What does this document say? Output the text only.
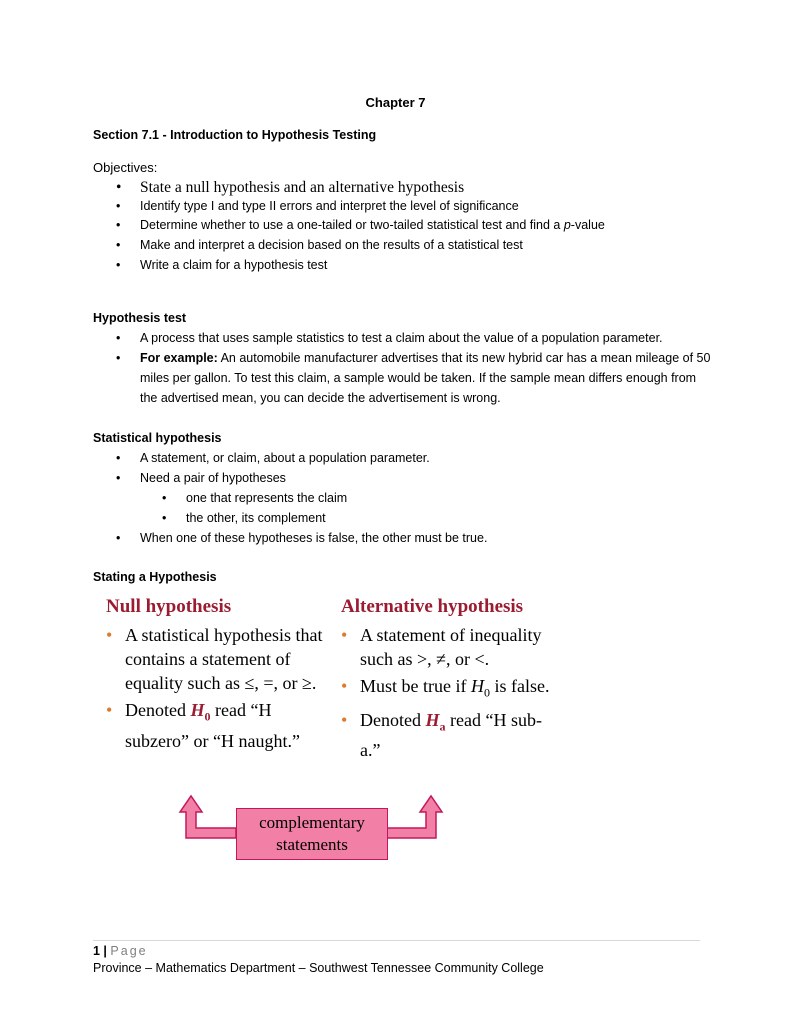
Chapter 7
Section 7.1 - Introduction to Hypothesis Testing
Objectives:
• State a null hypothesis and an alternative hypothesis
• Identify type I and type II errors and interpret the level of significance
• Determine whether to use a one-tailed or two-tailed statistical test and find a p-value
• Make and interpret a decision based on the results of a statistical test
• Write a claim for a hypothesis test
Hypothesis test
• A process that uses sample statistics to test a claim about the value of a population parameter.
• For example: An automobile manufacturer advertises that its new hybrid car has a mean mileage of 50 miles per gallon. To test this claim, a sample would be taken. If the sample mean differs enough from the advertised mean, you can decide the advertisement is wrong.
Statistical hypothesis
• A statement, or claim, about a population parameter.
• Need a pair of hypotheses
• one that represents the claim
• the other, its complement
• When one of these hypotheses is false, the other must be true.
Stating a Hypothesis
Null hypothesis
• A statistical hypothesis that contains a statement of equality such as ≤, =, or ≥.
• Denoted $H_0$ read “H subzero” or “H naught.”
Alternative hypothesis
• A statement of inequality such as >, ≠, or <.
• Must be true if $H_0$ is false.
• Denoted $H_a$ read “H sub-a.”
complementary statements
1 | Page
Province – Mathematics Department – Southwest Tennessee Community College
